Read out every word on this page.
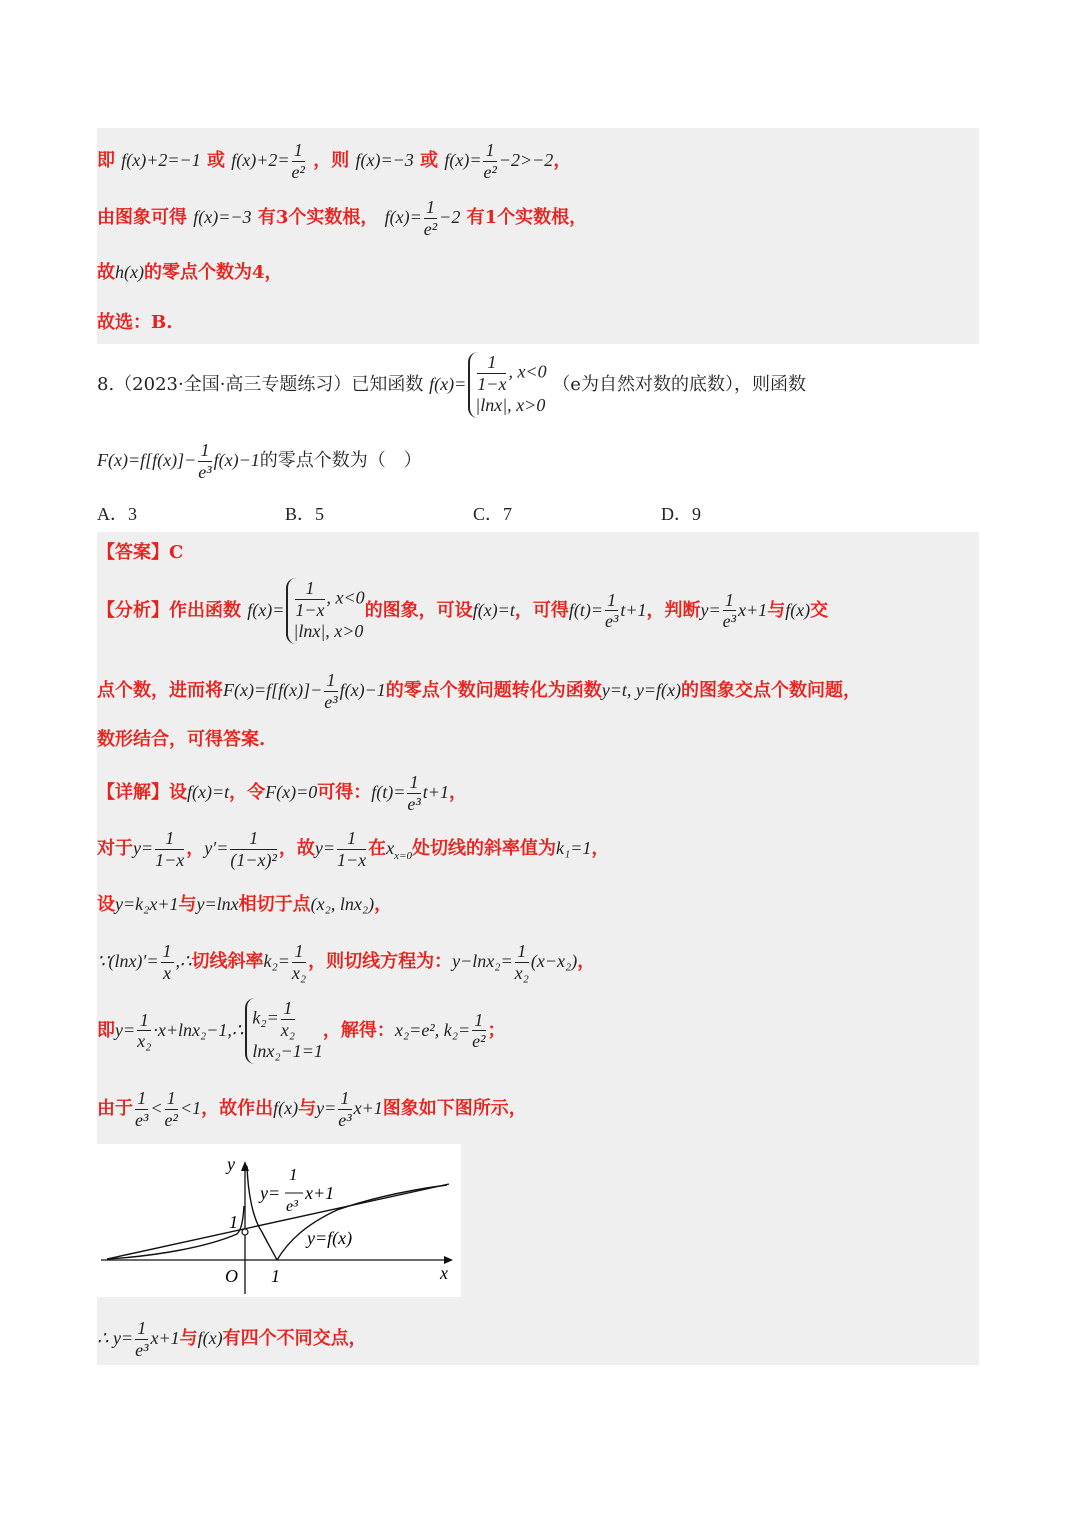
即 f(x)+2=−1 或 $f(x)+2= \frac{1}{\text{e²}}$ ，则 f(x)=−3 或 $f(x)= \frac{1}{\text{e²}} -2>-2$，
由图象可得 f(x)=−3 有3个实数根， $f(x)= \frac{1}{\text{e²}} -2$ 有1个实数根，
故h(x)的零点个数为4，
故选：B.
8.（2023·全国·高三专题练习）已知函数 $f(x)= \frac{1}{1-x}$ , x<0
|lnx|, x>0
（e为自然对数的底数），则函数
$F(x)=f[f(x)]- \frac{1}{\text{e³}} f(x)-1$的零点个数为（　）
A．3	B．5	C．7	D．9
【答案】C
【分析】作出函数 $f(x)= \frac{1}{1-x}$ , x<0
|lnx|, x>0
的图象，可设f(x)=t，可得$f(t)= \frac{1}{\text{e³}} t+1$，判断$y= \frac{1}{\text{e³}} x+1$与f(x)交
点个数，进而将$F(x)=f[f(x)]- \frac{1}{\text{e³}} f(x)-1$的零点个数问题转化为函数y=t, y=f(x)的图象交点个数问题，
数形结合，可得答案.
【详解】设f(x)=t，令F(x)=0可得：$f(t)= \frac{1}{\text{e³}} t+1$，
对于$y= \frac{1}{1-x}$ ，$y'= \frac{1}{\text{(1−x)²}}$ ，故$y= \frac{1}{1-x}$ 在$x_{x=0}$处切线的斜率值为k₁=1，
设y=k₂x+1与y=lnx相切于点(x₂, lnx₂)，
∵(lnx)′= $\frac{1}{x}$ ,∴切线斜率$k_2= \frac{1}{\text{x₂}}$ ，则切线方程为：$y-\ln x_2= \frac{1}{\text{x₂}} (x-x_2)$，
即$y= \frac{1}{\text{x₂}}$ ·x+lnx₂−1,∴
$k_2= \frac{1}{\text{x₂}}$
lnx₂−1=1
，解得：x₂=e², $k_2= \frac{1}{\text{e²}}$ ；
由于 $\frac{1}{\text{e³}} < \frac{1}{\text{e²}} <1$，故作出f(x)与$y= \frac{1}{\text{e³}} x+1$图象如下图所示，
y
x
O 1
1
y=
1
e³
x+1
y=f(x)
∴ $y= \frac{1}{\text{e³}} x+1$与f(x)有四个不同交点，
